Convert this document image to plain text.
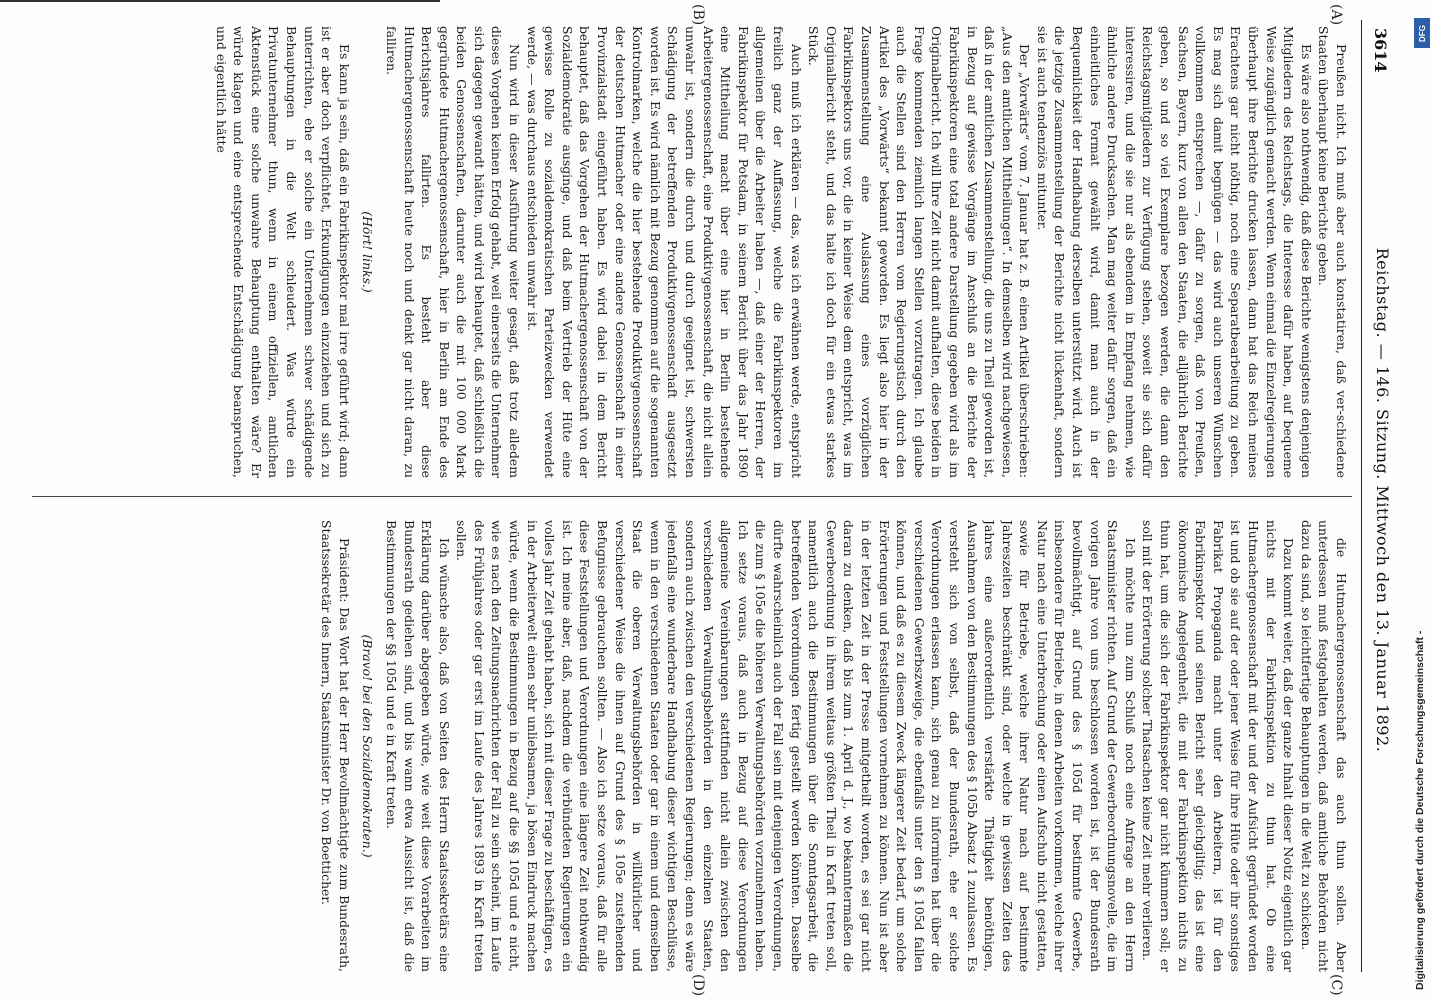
3614
Reichstag. — 146. Sitzung. Mittwoch den 13. Januar 1892.
(A)
(B)
(C)
(D)

Preußen nicht. Ich muß aber auch konstatiren, daß ver-schiedene Staaten überhaupt keine Berichte geben.

Es wäre also nothwendig, daß diese Berichte wenigstens denjenigen Mitgliedern des Reichstags, die Interesse dafür haben, auf bequeme Weise zugänglich gemacht werden. Wenn einmal die Einzelregierungen überhaupt ihre Berichte drucken lassen, dann hat das Reich meines Erachtens gar nicht nöthig, noch eine Separatbearbeitung zu geben. Es mag sich damit begnügen — das wird auch unseren Wünschen vollkommen entsprechen —, dafür zu sorgen, daß von Preußen, Sachsen, Bayern, kurz von allen den Staaten, die alljährlich Berichte geben, so und so viel Exemplare bezogen werden, die dann den Reichstagsmitgliedern zur Verfügung stehen, soweit sie sich dafür interessiren, und die sie nur als ebendem in Empfang nehmen, wie ähnliche andere Drucksachen. Man mag weiter dafür sorgen, daß ein einheitliches Format gewählt wird, damit man auch in der Bequemlichkeit der Handhabung derselben unterstützt wird. Auch ist die jetzige Zusammenstellung der Berichte nicht lückenhaft, sondern sie ist auch tendenziös mitunter.

Der „Vorwärts“ vom 7. Januar hat z. B. einen Artikel überschrieben: „Aus den amtlichen Mittheilungen“. In demselben wird nachgewiesen, daß in der amtlichen Zusammenstellung, die uns zu Theil geworden ist, in Bezug auf gewisse Vorgänge im Anschluß an die Berichte der Fabrikinspektoren eine total andere Darstellung gegeben wird als im Originalbericht. Ich will Ihre Zeit nicht damit aufhalten, diese beiden in Frage kommenden ziemlich langen Stellen vorzutragen. Ich glaube auch die Stellen sind den Herren vom Regierungstisch durch den Artikel des „Vorwärts“ bekannt geworden. Es liegt also hier in der Zusammenstellung eine Auslassung eines vorzüglichen Fabrikinspektors uns vor, die in keiner Weise dem entspricht, was im Originalbericht steht, und das halte ich doch für ein etwas starkes Stück.

Auch muß ich erklären — das, was ich erwähnen werde, entspricht freilich ganz der Auffassung, welche die Fabrikinspektoren im allgemeinen über die Arbeiter haben —, daß einer der Herren, der Fabrikinspektor für Potsdam, in seinem Bericht über das Jahr 1890 eine Mittheilung macht über eine hier in Berlin bestehende Arbeitergenossenschaft, eine Produktivgenossenschaft, die nicht allein unwahr ist, sondern die durch und durch geeignet ist, schwersten Schädigung der betreffenden Produktivgenossenschaft ausgesetzt worden ist. Es wird nämlich mit Bezug genommen auf die sogenannten Kontrolmarken, welche die hier bestehende Produktivgenossenschaft der deutschen Hutmacher oder eine andere Genossenschaft in einer Provinzialstadt eingeführt haben. Es wird dabei in dem Bericht behauptet, daß das Vorgehen der Hutmachergenossenschaft von der Sozialdemokratie ausginge, und daß beim Vertrieb der Hüte eine gewisse Rolle zu sozialdemokratischen Parteizwecken verwendet werde, — was durchaus entschieden unwahr ist.

Nun wird in dieser Ausführung weiter gesagt, daß trotz alledem dieses Vorgehen keinen Erfolg gehabt, weil einerseits die Unternehmer sich dagegen gewandt hätten, und wird behauptet, daß schließlich die beiden Genossenschaften, darunter auch die mit 100 000 Mark gegründete Hutmachergenossenschaft, hier in Berlin am Ende des Berichtsjahres fallirten. Es besteht aber diese Hutmachergenossenschaft heute noch und denkt gar nicht daran, zu falliren.

(Hört! links.)

Es kann ja sein, daß ein Fabrikinspektor mal irre geführt wird; dann ist er aber doch verpflichtet, Erkundigungen einzuziehen und sich zu unterrichten, ehe er solche ein Unternehmen schwer schädigende Behauptungen in die Welt schleudert. Was würde ein Privatunternehmer thun, wenn in einem offiziellen, amtlichen Aktenstück eine solche unwahre Behauptung enthalten wäre? Er würde klagen und eine entsprechende Entschädigung beanspruchen, und eigentlich hätte

die Hutmachergenossenschaft das auch thun sollen. Aber unterdessen muß festgehalten werden, daß amtliche Behörden nicht dazu da sind, so leichtfertige Behauptungen in die Welt zu schicken.

Dazu kommt weiter, daß der ganze Inhalt dieser Notiz eigentlich gar nichts mit der Fabrikinspektion zu thun hat. Ob eine Hutmachergenossenschaft mit der und der Aufsicht gegründet worden ist und ob sie auf der oder jener Weise für ihre Hüte oder ihr sonstiges Fabrikat Propaganda macht unter den Arbeitern, ist für den Fabrikinspektor und seinen Bericht sehr gleichgiltig; das ist eine ökonomische Angelegenheit, die mit der Fabrikinspektion nichts zu thun hat, um die sich der Fabrikinspektor gar nicht kümmern soll; er soll mit der Erörterung solcher Thatsachen keine Zeit mehr verlieren.

Ich möchte nun zum Schluß noch eine Anfrage an den Herrn Staatsminister richten. Auf Grund der Gewerbeordnungsnovelle, die im vorigen Jahre von uns beschlossen worden ist, ist der Bundesrath bevollmächtigt, auf Grund des § 105d für bestimmte Gewerbe, insbesondere für Betriebe, in denen Arbeiten vorkommen, welche ihrer Natur nach eine Unterbrechung oder einen Aufschub nicht gestatten, sowie für Betriebe, welche ihrer Natur nach auf bestimmte Jahreszeiten beschränkt sind, oder welche in gewissen Zeiten des Jahres eine außerordentlich verstärkte Thätigkeit benöthigen, Ausnahmen von den Bestimmungen des § 105b Absatz 1 zuzulassen. Es versteht sich von selbst, daß der Bundesrath, ehe er solche Verordnungen erlassen kann, sich genau zu informiren hat über die verschiedenen Gewerbszweige, die ebenfalls unter den § 105d fallen können, und daß es zu diesem Zweck längerer Zeit bedarf, um solche Erörterungen und Feststellungen vornehmen zu können. Nun ist aber in der letzten Zeit in der Presse mitgetheilt worden, es sei gar nicht daran zu denken, daß bis zum 1. April d. J., wo bekanntermaßen die Gewerbeordnung in ihrem weitaus größten Theil in Kraft treten soll, namentlich auch die Bestimmungen über die Sonntagsarbeit, die betreffenden Verordnungen fertig gestellt werden könnten. Dasselbe dürfte wahrscheinlich auch der Fall sein mit denjenigen Verordnungen, die zum § 105e die höheren Verwaltungsbehörden vorzunehmen haben. Ich setze voraus, daß auch in Bezug auf diese Verordnungen allgemeine Vereinbarungen stattfinden nicht allein zwischen den verschiedenen Verwaltungsbehörden in den einzelnen Staaten, sondern auch zwischen den verschiedenen Regierungen; denn es wäre jedenfalls eine wunderbare Handhabung dieser wichtigen Beschlüsse, wenn in den verschiedenen Staaten oder gar in einem und demselben Staat die oberen Verwaltungsbehörden in willkürlicher und verschiedener Weise die ihnen auf Grund des § 105e zustehenden Befugnisse gebrauchen sollten. — Also ich setze voraus, daß für alle diese Feststellungen und Verordnungen eine längere Zeit nothwendig ist. Ich meine aber, daß, nachdem die verbündeten Regierungen ein volles Jahr Zeit gehabt haben, sich mit dieser Frage zu beschäftigen, es in der Arbeiterwelt einen sehr unliebsamen, ja bösen Eindruck machen würde, wenn die Bestimmungen in Bezug auf die §§ 105d und e nicht, wie es nach den Zeitungsnachrichten der Fall zu sein scheint, im Laufe des Frühjahres oder gar erst im Laufe des Jahres 1893 in Kraft treten sollen.

Ich wünsche also, daß von Seiten des Herrn Staatssekretärs eine Erklärung darüber abgegeben würde, wie weit diese Vorarbeiten im Bundesrath gediehen sind, und bis wann etwa Aussicht ist, daß die Bestimmungen der §§ 105d und e in Kraft treten.

(Bravo! bei den Sozialdemokraten.)

Präsident: Das Wort hat der Herr Bevollmächtigte zum Bundesrath, Staatssekretär des Innern, Staatsminister Dr. von Boetticher.	Digitalisierung gefördert durch die Deutsche Forschungsgemeinschaft -
DFG
